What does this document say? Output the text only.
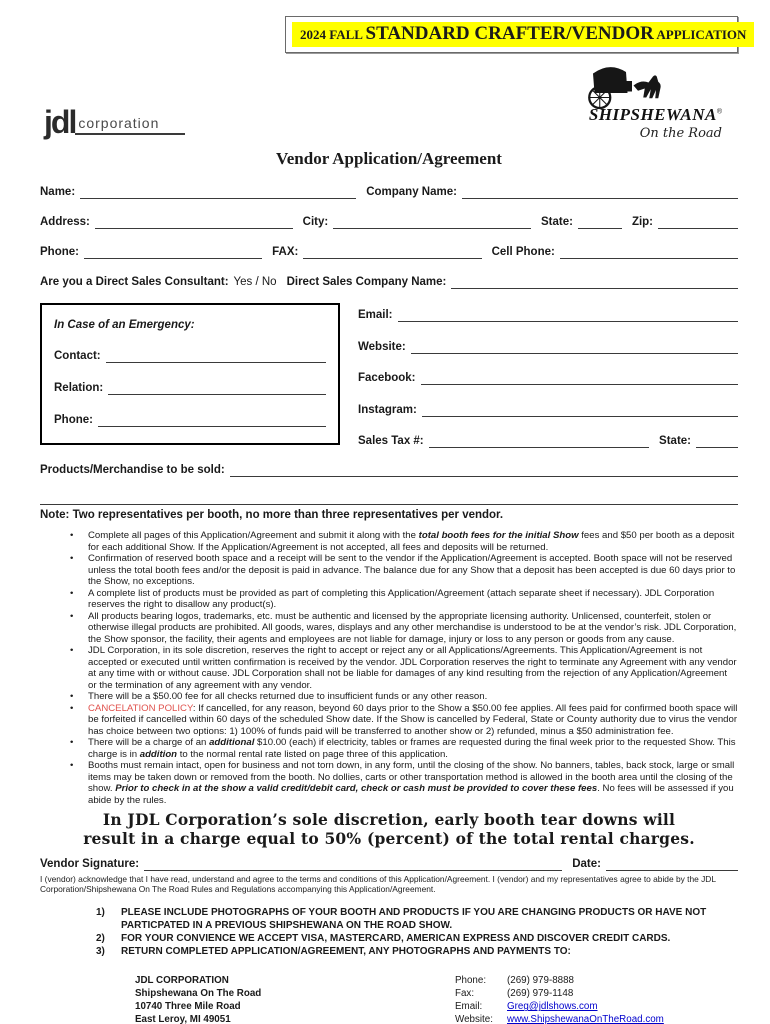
2024 FALL STANDARD CRAFTER/VENDOR APPLICATION
jdl corporation	SHIPSHEWANA®
On the Road
Vendor Application/Agreement
Name:	Company Name:
Address:	City:	State:	Zip:
Phone:	FAX:	Cell Phone:
Are you a Direct Sales Consultant: Yes / No Direct Sales Company Name:
In Case of an Emergency:
Contact:
Relation:
Phone:
Email:
Website:
Facebook:
Instagram:
Sales Tax #:	State:
Products/Merchandise to be sold:
Note: Two representatives per booth, no more than three representatives per vendor.
• Complete all pages of this Application/Agreement and submit it along with the total booth fees for the initial Show fees and $50 per booth as a deposit for each additional Show. If the Application/Agreement is not accepted, all fees and deposits will be returned.
• Confirmation of reserved booth space and a receipt will be sent to the vendor if the Application/Agreement is accepted. Booth space will not be reserved unless the total booth fees and/or the deposit is paid in advance. The balance due for any Show that a deposit has been accepted is due 60 days prior to the Show, no exceptions.
• A complete list of products must be provided as part of completing this Application/Agreement (attach separate sheet if necessary). JDL Corporation reserves the right to disallow any product(s).
• All products bearing logos, trademarks, etc. must be authentic and licensed by the appropriate licensing authority. Unlicensed, counterfeit, stolen or otherwise illegal products are prohibited. All goods, wares, displays and any other merchandise is understood to be at the vendor’s risk. JDL Corporation, the Show sponsor, the facility, their agents and employees are not liable for damage, injury or loss to any person or goods from any cause.
• JDL Corporation, in its sole discretion, reserves the right to accept or reject any or all Applications/Agreements. This Application/Agreement is not accepted or executed until written confirmation is received by the vendor. JDL Corporation reserves the right to terminate any Agreement with any vendor at any time with or without cause. JDL Corporation shall not be liable for damages of any kind resulting from the rejection of any Application/Agreement or the termination of any agreement with any vendor.
• There will be a $50.00 fee for all checks returned due to insufficient funds or any other reason.
• CANCELATION POLICY: If cancelled, for any reason, beyond 60 days prior to the Show a $50.00 fee applies. All fees paid for confirmed booth space will be forfeited if cancelled within 60 days of the scheduled Show date. If the Show is cancelled by Federal, State or County authority due to virus the vendor has choice between two options: 1) 100% of funds paid will be transferred to another show or 2) refunded, minus a $50 administration fee.
• There will be a charge of an additional $10.00 (each) if electricity, tables or frames are requested during the final week prior to the requested Show. This charge is in addition to the normal rental rate listed on page three of this application.
• Booths must remain intact, open for business and not torn down, in any form, until the closing of the show. No banners, tables, back stock, large or small items may be taken down or removed from the booth. No dollies, carts or other transportation method is allowed in the booth area until the closing of the show. Prior to check in at the show a valid credit/debit card, check or cash must be provided to cover these fees. No fees will be assessed if you abide by the rules.
In JDL Corporation’s sole discretion, early booth tear downs will
result in a charge equal to 50% (percent) of the total rental charges.
Vendor Signature:	Date:
I (vendor) acknowledge that I have read, understand and agree to the terms and conditions of this Application/Agreement. I (vendor) and my representatives agree to abide by the JDL Corporation/Shipshewana On The Road Rules and Regulations accompanying this Application/Agreement.
1)	PLEASE INCLUDE PHOTOGRAPHS OF YOUR BOOTH AND PRODUCTS IF YOU ARE CHANGING PRODUCTS OR HAVE NOT PARTICPATED IN A PREVIOUS SHIPSHEWANA ON THE ROAD SHOW.
2)	FOR YOUR CONVIENCE WE ACCEPT VISA, MASTERCARD, AMERICAN EXPRESS AND DISCOVER CREDIT CARDS.
3)	RETURN COMPLETED APPLICATION/AGREEMENT, ANY PHOTOGRAPHS AND PAYMENTS TO:
JDL CORPORATION
Shipshewana On The Road
10740 Three Mile Road
East Leroy, MI 49051
Phone:	(269) 979-8888
Fax:	(269) 979-1148
Email:	Greg@jdlshows.com
Website:	www.ShipshewanaOnTheRoad.com
